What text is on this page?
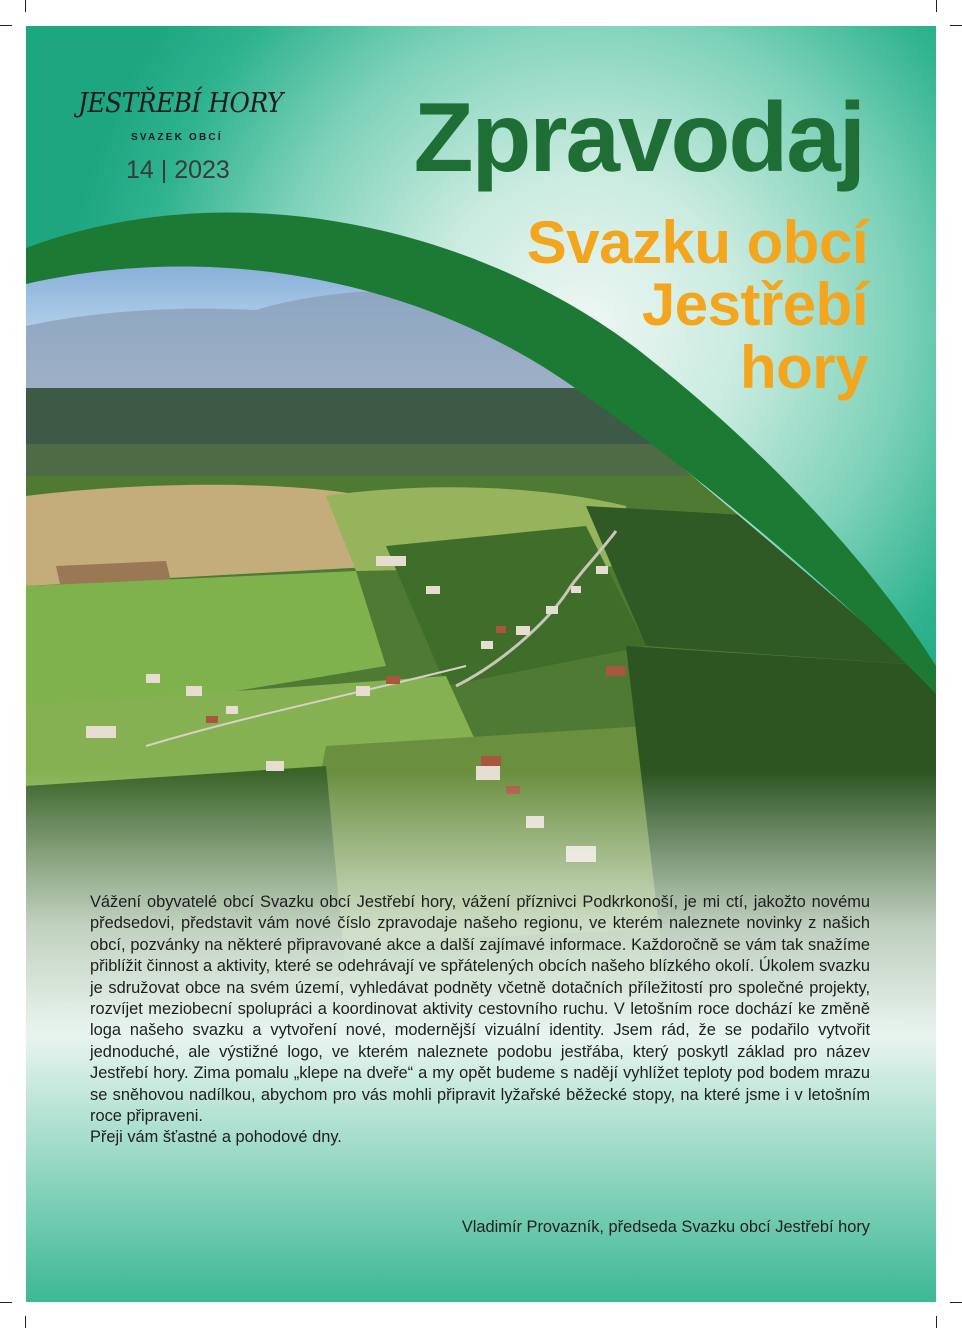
JESTŘEBÍ HORY
SVAZEK OBCÍ
14 | 2023 Zpravodaj
Svazku obcí
Jestřebí
hory

Vážení obyvatelé obcí Svazku obcí Jestřebí hory, vážení příznivci Podkrkonoší, je mi ctí, jakožto novému předsedovi, představit vám nové číslo zpravodaje našeho regionu, ve kterém naleznete novinky z našich obcí, pozvánky na některé připravované akce a další zajímavé informace. Každoročně se vám tak snažíme přiblížit činnost a aktivity, které se odehrávají ve spřátelených obcích našeho blízkého okolí. Úkolem svazku je sdružovat obce na svém území, vyhledávat podněty včetně dotačních příležitostí pro společné projekty, rozvíjet meziobecní spolupráci a koordinovat aktivity cestovního ruchu. V letošním roce dochází ke změně loga našeho svazku a vytvoření nové, modernější vizuální identity. Jsem rád, že se podařilo vytvořit jednoduché, ale výstižné logo, ve kterém naleznete podobu jestřába, který poskytl základ pro název Jestřebí hory. Zima pomalu „klepe na dveře“ a my opět budeme s nadějí vyhlížet teploty pod bodem mrazu se sněhovou nadílkou, abychom pro vás mohli připravit lyžařské běžecké stopy, na které jsme i v letošním roce připraveni.

Přeji vám šťastné a pohodové dny.

Vladimír Provazník, předseda Svazku obcí Jestřebí hory
